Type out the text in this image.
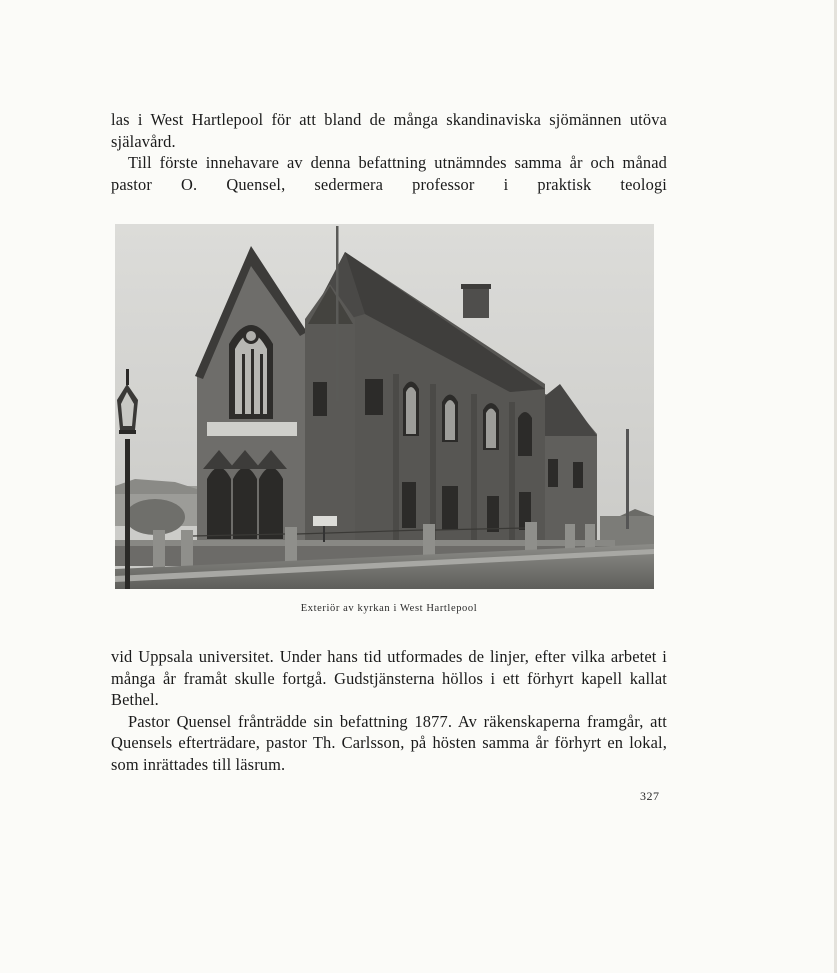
las i West Hartlepool för att bland de många skandinaviska sjömännen utöva själavård.

Till förste innehavare av denna befattning utnämndes samma år och månad pastor O. Quensel, sedermera professor i praktisk teologi

Exteriör av kyrkan i West Hartlepool

vid Uppsala universitet. Under hans tid utformades de linjer, efter vilka arbetet i många år framåt skulle fortgå. Gudstjänsterna höllos i ett förhyrt kapell kallat Bethel.

Pastor Quensel frånträdde sin befattning 1877. Av räkenskaperna framgår, att Quensels efterträdare, pastor Th. Carlsson, på hösten samma år förhyrt en lokal, som inrättades till läsrum.

327
